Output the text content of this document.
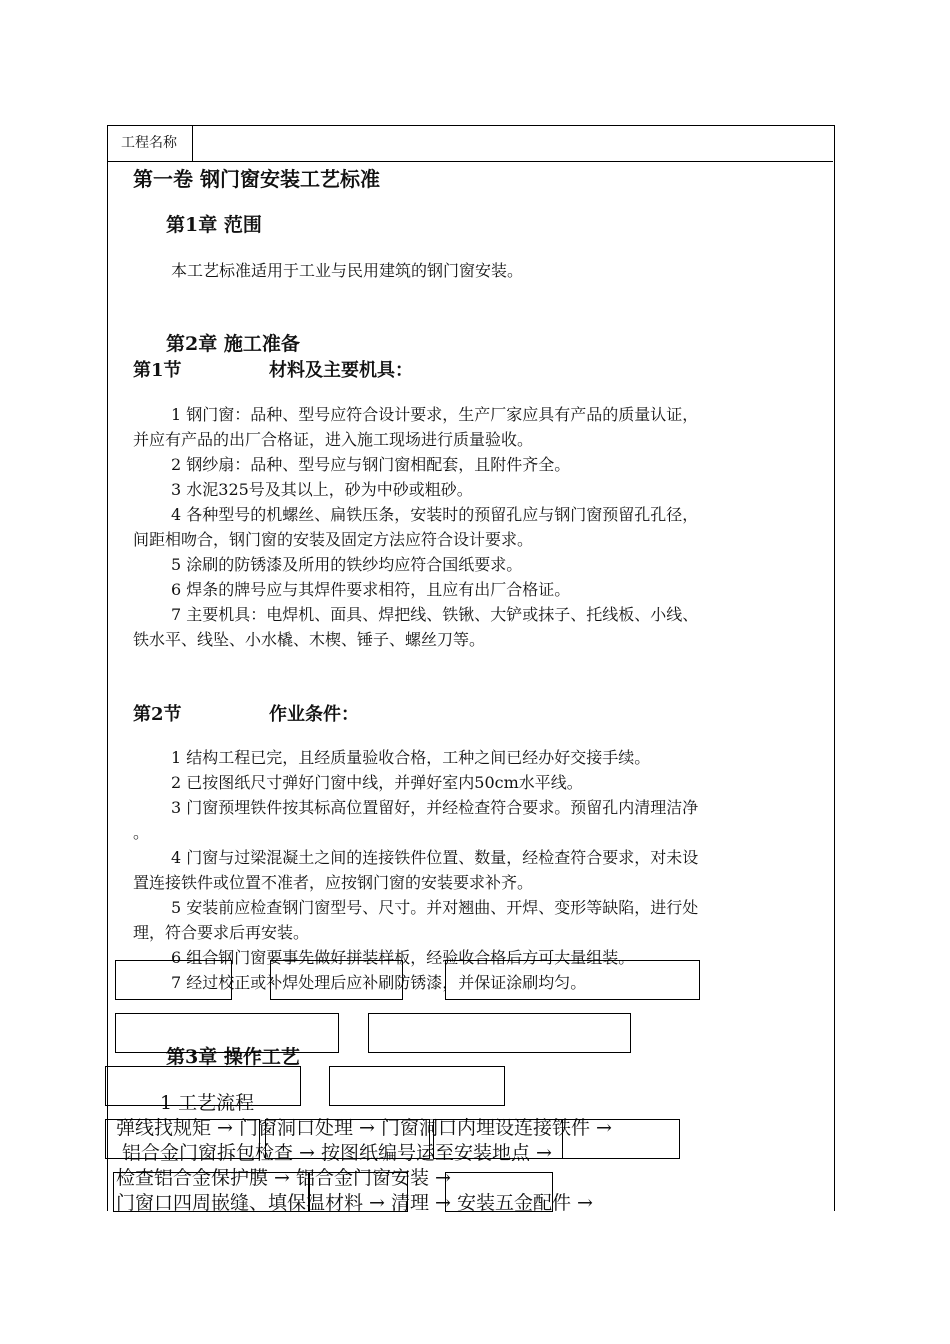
工程名称
第一卷 钢门窗安装工艺标准
第1章 范围
本工艺标准适用于工业与民用建筑的钢门窗安装。
第2章 施工准备
第1节	材料及主要机具：
1 钢门窗：品种、型号应符合设计要求，生产厂家应具有产品的质量认证，
并应有产品的出厂合格证，进入施工现场进行质量验收。
2 钢纱扇：品种、型号应与钢门窗相配套，且附件齐全。
3 水泥325号及其以上，砂为中砂或粗砂。
4 各种型号的机螺丝、扁铁压条，安装时的预留孔应与钢门窗预留孔孔径，
间距相吻合，钢门窗的安装及固定方法应符合设计要求。
5 涂刷的防锈漆及所用的铁纱均应符合国纸要求。
6 焊条的牌号应与其焊件要求相符，且应有出厂合格证。
7 主要机具：电焊机、面具、焊把线、铁锹、大铲或抹子、托线板、小线、
铁水平、线坠、小水橇、木楔、锤子、螺丝刀等。
第2节	作业条件：
1 结构工程已完，且经质量验收合格，工种之间已经办好交接手续。
2 已按图纸尺寸弹好门窗中线，并弹好室内50cm水平线。
3 门窗预埋铁件按其标高位置留好，并经检查符合要求。预留孔内清理洁净
。
4 门窗与过梁混凝土之间的连接铁件位置、数量，经检查符合要求，对未设
置连接铁件或位置不准者，应按钢门窗的安装要求补齐。
5 安装前应检查钢门窗型号、尺寸。并对翘曲、开焊、变形等缺陷，进行处
理，符合要求后再安装。
6 组合钢门窗要事先做好拼装样板，经验收合格后方可大量组装。
7 经过校正或补焊处理后应补刷防锈漆，并保证涂刷均匀。
第3章 操作工艺
1 工艺流程
弹线找规矩 → 门窗洞口处理 → 门窗洞口内埋设连接铁件 →
铝合金门窗拆包检查 → 按图纸编号运至安装地点 →
检查铝合金保护膜 → 铝合金门窗安装 →
门窗口四周嵌缝、填保温材料 → 清理 → 安装五金配件 →
